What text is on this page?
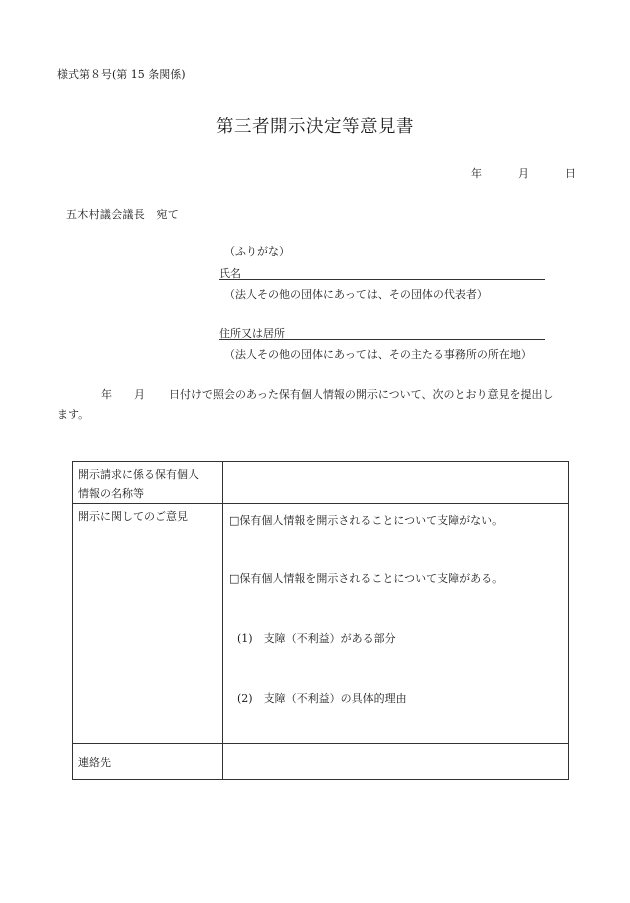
様式第８号(第 15 条関係)
第三者開示決定等意見書
年	月	日
五木村議会議長　宛て
（ふりがな）
氏名
（法人その他の団体にあっては、その団体の代表者）
住所又は居所
（法人その他の団体にあっては、その主たる事務所の所在地）
年 月 日付けで照会のあった保有個人情報の開示について、次のとおり意見を提出し
ます。
開示請求に係る保有個人
情報の名称等	

開示に関してのご意見	□保有個人情報を開示されることについて支障がない。
□保有個人情報を開示されることについて支障がある。
(1)　支障（不利益）がある部分
(2)　支障（不利益）の具体的理由

連絡先	
